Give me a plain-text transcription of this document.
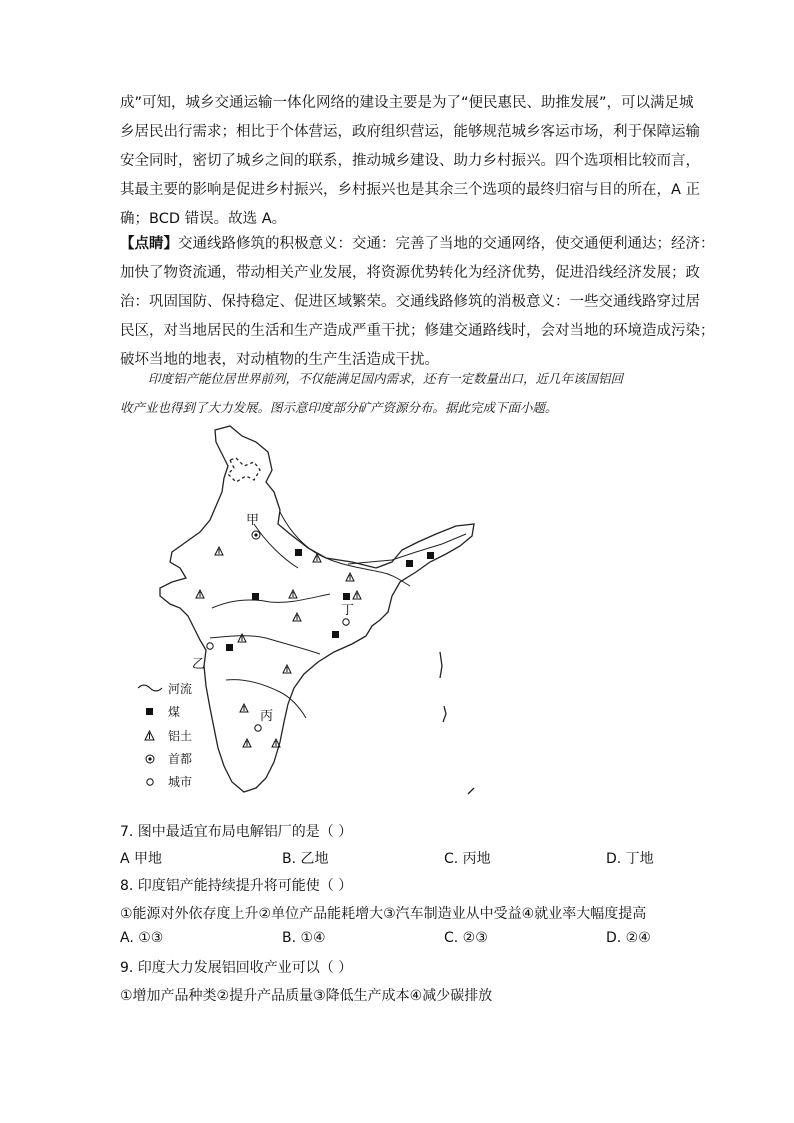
成”可知，城乡交通运输一体化网络的建设主要是为了“便民惠民、助推发展”，可以满足城

乡居民出行需求；相比于个体营运，政府组织营运，能够规范城乡客运市场，利于保障运输

安全同时，密切了城乡之间的联系，推动城乡建设、助力乡村振兴。四个选项相比较而言，

其最主要的影响是促进乡村振兴，乡村振兴也是其余三个选项的最终归宿与目的所在，A 正

确；BCD 错误。故选 A。

【点睛】交通线路修筑的积极意义：交通：完善了当地的交通网络，使交通便利通达；经济：

加快了物资流通，带动相关产业发展，将资源优势转化为经济优势，促进沿线经济发展；政

治：巩固国防、保持稳定、促进区域繁荣。交通线路修筑的消极意义：一些交通线路穿过居

民区，对当地居民的生活和生产造成严重干扰；修建交通路线时，会对当地的环境造成污染；

破坏当地的地表，对动植物的生产生活造成干扰。

印度铝产能位居世界前列，不仅能满足国内需求，还有一定数量出口，近几年该国铝回

收产业也得到了大力发展。图示意印度部分矿产资源分布。据此完成下面小题。

甲
丁
丙
乙
河流
煤
铝土
首都
城市
7. 图中最适宜布局电解铝厂的是（ ）
A 甲地	B. 乙地	C. 丙地	D. 丁地
8. 印度铝产能持续提升将可能使（ ）
①能源对外依存度上升②单位产品能耗增大③汽车制造业从中受益④就业率大幅度提高
A. ①③	B. ①④	C. ②③	D. ②④
9. 印度大力发展铝回收产业可以（ ）
①增加产品种类②提升产品质量③降低生产成本④减少碳排放
